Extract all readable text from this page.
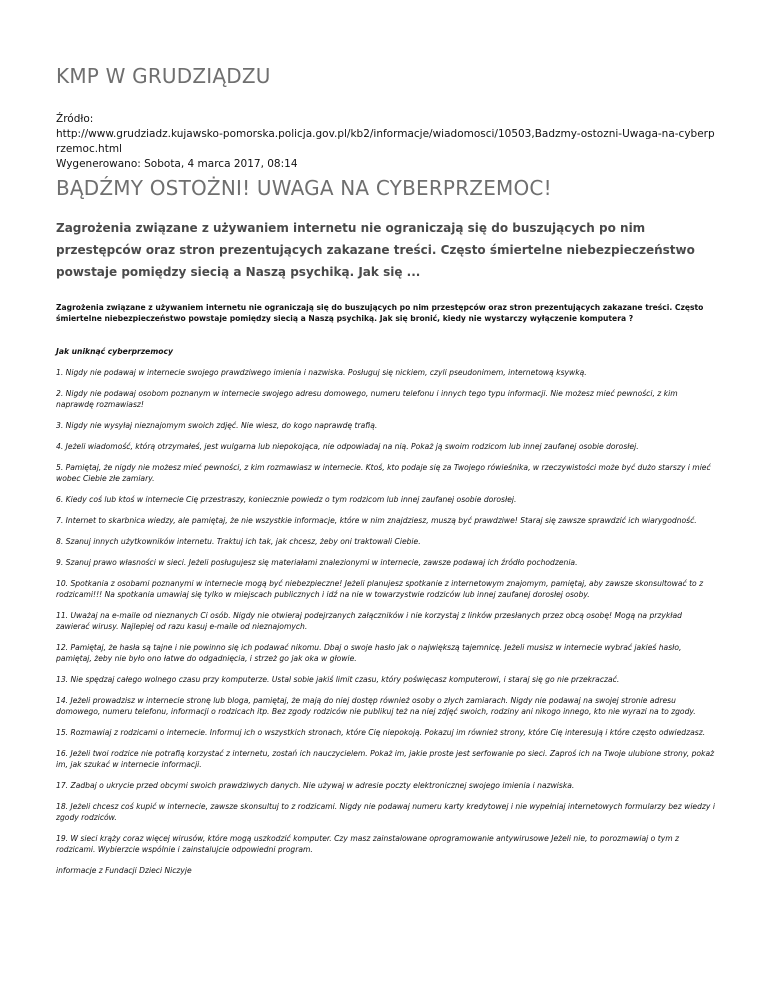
KMP W GRUDZIĄDZU
Źródło:
http://www.grudziadz.kujawsko-pomorska.policja.gov.pl/kb2/informacje/wiadomosci/10503,Badzmy-ostozni-Uwaga-na-cyberprzemoc.html
Wygenerowano: Sobota, 4 marca 2017, 08:14
BĄDŹMY OSTOŻNI! UWAGA NA CYBERPRZEMOC!
Zagrożenia związane z używaniem internetu nie ograniczają się do buszujących po nim przestępców oraz stron prezentujących zakazane treści. Często śmiertelne niebezpieczeństwo powstaje pomiędzy siecią a Naszą psychiką. Jak się ...

Zagrożenia związane z używaniem internetu nie ograniczają się do buszujących po nim przestępców oraz stron prezentujących zakazane treści. Często śmiertelne niebezpieczeństwo powstaje pomiędzy siecią a Naszą psychiką. Jak się bronić, kiedy nie wystarczy wyłączenie komputera ?

Jak uniknąć cyberprzemocy

1. Nigdy nie podawaj w internecie swojego prawdziwego imienia i nazwiska. Posługuj się nickiem, czyli pseudonimem, internetową ksywką.

2. Nigdy nie podawaj osobom poznanym w internecie swojego adresu domowego, numeru telefonu i innych tego typu informacji. Nie możesz mieć pewności, z kim naprawdę rozmawiasz!

3. Nigdy nie wysyłaj nieznajomym swoich zdjęć. Nie wiesz, do kogo naprawdę trafią.

4. Jeżeli wiadomość, którą otrzymałeś, jest wulgarna lub niepokojąca, nie odpowiadaj na nią. Pokaż ją swoim rodzicom lub innej zaufanej osobie dorosłej.

5. Pamiętaj, że nigdy nie możesz mieć pewności, z kim rozmawiasz w internecie. Ktoś, kto podaje się za Twojego rówieśnika, w rzeczywistości może być dużo starszy i mieć wobec Ciebie złe zamiary.

6. Kiedy coś lub ktoś w internecie Cię przestraszy, koniecznie powiedz o tym rodzicom lub innej zaufanej osobie dorosłej.

7. Internet to skarbnica wiedzy, ale pamiętaj, że nie wszystkie informacje, które w nim znajdziesz, muszą być prawdziwe! Staraj się zawsze sprawdzić ich wiarygodność.

8. Szanuj innych użytkowników internetu. Traktuj ich tak, jak chcesz, żeby oni traktowali Ciebie.

9. Szanuj prawo własności w sieci. Jeżeli posługujesz się materiałami znalezionymi w internecie, zawsze podawaj ich źródło pochodzenia.

10. Spotkania z osobami poznanymi w internecie mogą być niebezpieczne! Jeżeli planujesz spotkanie z internetowym znajomym, pamiętaj, aby zawsze skonsultować to z rodzicami!!! Na spotkania umawiaj się tylko w miejscach publicznych i idź na nie w towarzystwie rodziców lub innej zaufanej dorosłej osoby.

11. Uważaj na e-maile od nieznanych Ci osób. Nigdy nie otwieraj podejrzanych załączników i nie korzystaj z linków przesłanych przez obcą osobę! Mogą na przykład zawierać wirusy. Najlepiej od razu kasuj e-maile od nieznajomych.

12. Pamiętaj, że hasła są tajne i nie powinno się ich podawać nikomu. Dbaj o swoje hasło jak o największą tajemnicę. Jeżeli musisz w internecie wybrać jakieś hasło, pamiętaj, żeby nie było ono łatwe do odgadnięcia, i strzeż go jak oka w głowie.

13. Nie spędzaj całego wolnego czasu przy komputerze. Ustal sobie jakiś limit czasu, który poświęcasz komputerowi, i staraj się go nie przekraczać.

14. Jeżeli prowadzisz w internecie stronę lub bloga, pamiętaj, że mają do niej dostęp również osoby o złych zamiarach. Nigdy nie podawaj na swojej stronie adresu domowego, numeru telefonu, informacji o rodzicach itp. Bez zgody rodziców nie publikuj też na niej zdjęć swoich, rodziny ani nikogo innego, kto nie wyrazi na to zgody.

15. Rozmawiaj z rodzicami o internecie. Informuj ich o wszystkich stronach, które Cię niepokoją. Pokazuj im również strony, które Cię interesują i które często odwiedzasz.

16. Jeżeli twoi rodzice nie potrafią korzystać z internetu, zostań ich nauczycielem. Pokaż im, jakie proste jest serfowanie po sieci. Zaproś ich na Twoje ulubione strony, pokaż im, jak szukać w internecie informacji.

17. Zadbaj o ukrycie przed obcymi swoich prawdziwych danych. Nie używaj w adresie poczty elektronicznej swojego imienia i nazwiska.

18. Jeżeli chcesz coś kupić w internecie, zawsze skonsultuj to z rodzicami. Nigdy nie podawaj numeru karty kredytowej i nie wypełniaj internetowych formularzy bez wiedzy i zgody rodziców.

19. W sieci krąży coraz więcej wirusów, które mogą uszkodzić komputer. Czy masz zainstalowane oprogramowanie antywirusowe Jeżeli nie, to porozmawiaj o tym z rodzicami. Wybierzcie wspólnie i zainstalujcie odpowiedni program.

informacje z Fundacji Dzieci Niczyje
